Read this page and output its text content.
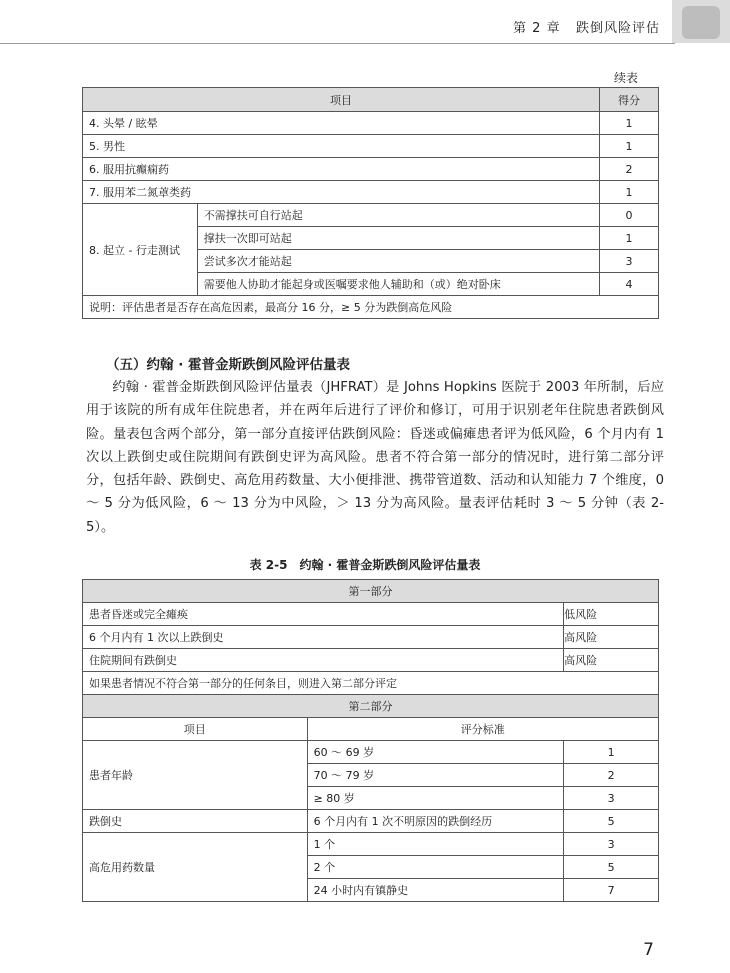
第 2 章 跌倒风险评估
续表
项目		得分
4. 头晕 / 眩晕		1
5. 男性		1
6. 服用抗癫痫药		2
7. 服用苯二氮䓬类药		1
8. 起立 - 行走测试	不需撑扶可自行站起	0
	撑扶一次即可站起	1
	尝试多次才能站起	3
	需要他人协助才能起身或医嘱要求他人辅助和（或）绝对卧床	4
说明：评估患者是否存在高危因素，最高分 16 分，≥ 5 分为跌倒高危风险		
（五）约翰 · 霍普金斯跌倒风险评估量表

约翰 · 霍普金斯跌倒风险评估量表（JHFRAT）是 Johns Hopkins 医院于 2003 年所制，后应用于该院的所有成年住院患者，并在两年后进行了评价和修订，可用于识别老年住院患者跌倒风险。量表包含两个部分，第一部分直接评估跌倒风险：昏迷或偏瘫患者评为低风险，6 个月内有 1 次以上跌倒史或住院期间有跌倒史评为高风险。患者不符合第一部分的情况时，进行第二部分评分，包括年龄、跌倒史、高危用药数量、大小便排泄、携带管道数、活动和认知能力 7 个维度，0 ～ 5 分为低风险，6 ～ 13 分为中风险，＞ 13 分为高风险。量表评估耗时 3 ～ 5 分钟（表 2-5）。

表 2-5　约翰 · 霍普金斯跌倒风险评估量表
第一部分		
患者昏迷或完全瘫痪		低风险
6 个月内有 1 次以上跌倒史		高风险
住院期间有跌倒史		高风险
如果患者情况不符合第一部分的任何条目，则进入第二部分评定		
第二部分		
项目	评分标准	
患者年龄	60 ～ 69 岁	1
	70 ～ 79 岁	2
	≥ 80 岁	3
跌倒史	6 个月内有 1 次不明原因的跌倒经历	5
高危用药数量	1 个	3
	2 个	5
	24 小时内有镇静史	7
7
